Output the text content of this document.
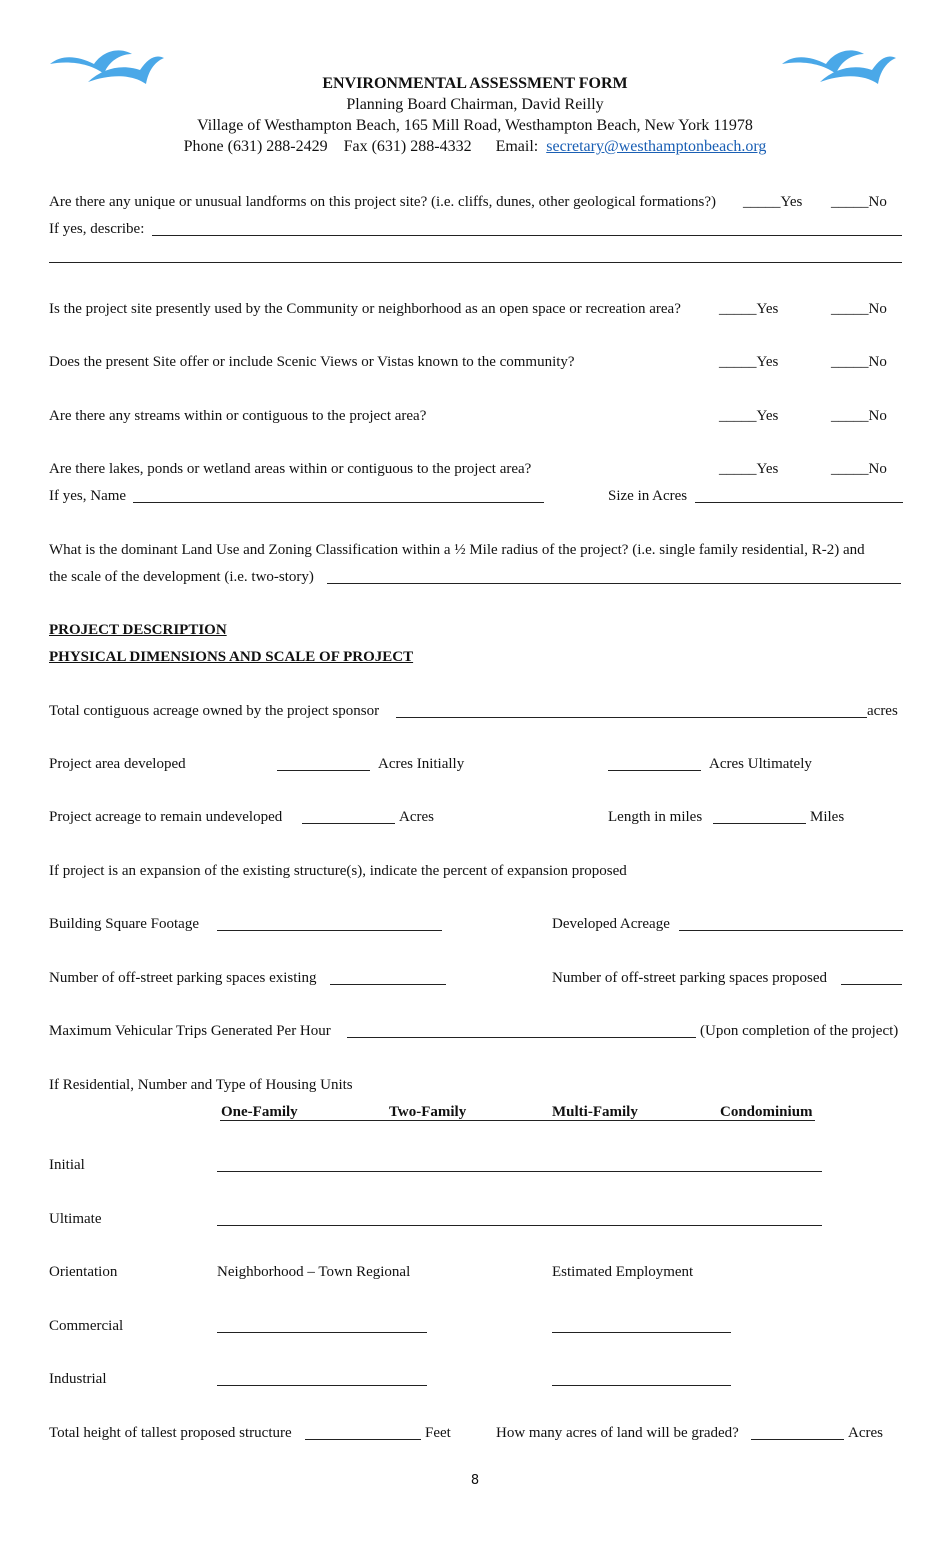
ENVIRONMENTAL ASSESSMENT FORM
Planning Board Chairman, David Reilly
Village of Westhampton Beach, 165 Mill Road, Westhampton Beach, New York 11978
Phone (631) 288-2429 Fax (631) 288-4332 Email: secretary@westhamptonbeach.org
Are there any unique or unusual landforms on this project site? (i.e. cliffs, dunes, other geological formations?) _____Yes _____No
If yes, describe:
Is the project site presently used by the Community or neighborhood as an open space or recreation area?	_____Yes	_____No
Does the present Site offer or include Scenic Views or Vistas known to the community?	_____Yes	_____No
Are there any streams within or contiguous to the project area?	_____Yes	_____No
Are there lakes, ponds or wetland areas within or contiguous to the project area?	_____Yes	_____No
If yes, Name	Size in Acres
What is the dominant Land Use and Zoning Classification within a ½ Mile radius of the project? (i.e. single family residential, R-2) and
the scale of the development (i.e. two-story)
PROJECT DESCRIPTION
PHYSICAL DIMENSIONS AND SCALE OF PROJECT
Total contiguous acreage owned by the project sponsor	acres
Project area developed	Acres Initially	Acres Ultimately
Project acreage to remain undeveloped	Acres	Length in miles	Miles
If project is an expansion of the existing structure(s), indicate the percent of expansion proposed
Building Square Footage	Developed Acreage
Number of off-street parking spaces existing	Number of off-street parking spaces proposed
Maximum Vehicular Trips Generated Per Hour	(Upon completion of the project)
If Residential, Number and Type of Housing Units
One-Family	Two-Family	Multi-Family	Condominium
Initial
Ultimate
Orientation	Neighborhood – Town Regional	Estimated Employment
Commercial
Industrial
Total height of tallest proposed structure	Feet	How many acres of land will be graded?	Acres
8
